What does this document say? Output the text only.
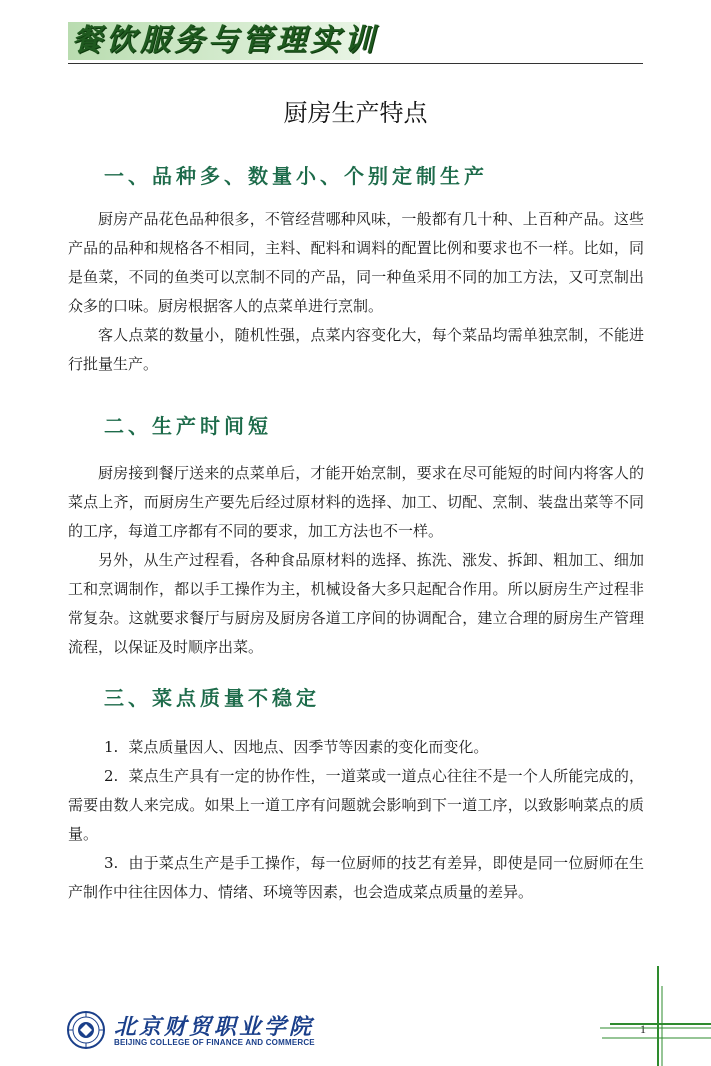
餐饮服务与管理实训
厨房生产特点
一、品种多、数量小、个别定制生产

厨房产品花色品种很多，不管经营哪种风味，一般都有几十种、上百种产品。这些产品的品种和规格各不相同，主料、配料和调料的配置比例和要求也不一样。比如，同是鱼菜，不同的鱼类可以烹制不同的产品，同一种鱼采用不同的加工方法，又可烹制出众多的口味。厨房根据客人的点菜单进行烹制。

客人点菜的数量小，随机性强，点菜内容变化大，每个菜品均需单独烹制，不能进行批量生产。

二、生产时间短

厨房接到餐厅送来的点菜单后，才能开始烹制，要求在尽可能短的时间内将客人的菜点上齐，而厨房生产要先后经过原材料的选择、加工、切配、烹制、装盘出菜等不同的工序，每道工序都有不同的要求，加工方法也不一样。

另外，从生产过程看，各种食品原材料的选择、拣洗、涨发、拆卸、粗加工、细加工和烹调制作，都以手工操作为主，机械设备大多只起配合作用。所以厨房生产过程非常复杂。这就要求餐厅与厨房及厨房各道工序间的协调配合，建立合理的厨房生产管理流程，以保证及时顺序出菜。

三、菜点质量不稳定

1. 菜点质量因人、因地点、因季节等因素的变化而变化。

2. 菜点生产具有一定的协作性，一道菜或一道点心往往不是一个人所能完成的，需要由数人来完成。如果上一道工序有问题就会影响到下一道工序，以致影响菜点的质量。

3. 由于菜点生产是手工操作，每一位厨师的技艺有差异，即使是同一位厨师在生产制作中往往因体力、情绪、环境等因素，也会造成菜点质量的差异。

北京财贸职业学院
BEIJING COLLEGE OF FINANCE AND COMMERCE
1
